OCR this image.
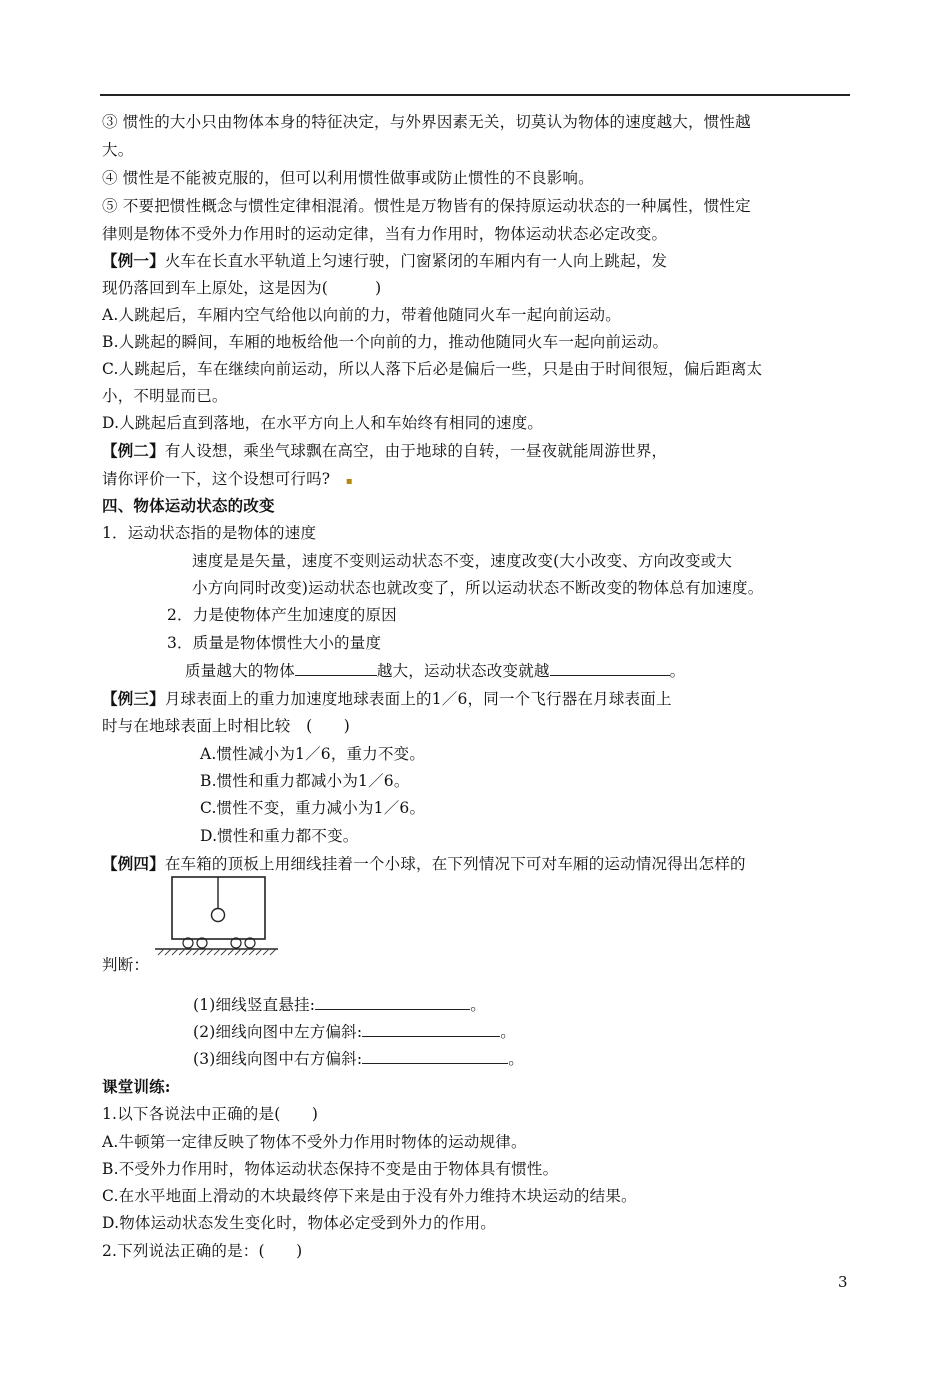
③ 惯性的大小只由物体本身的特征决定，与外界因素无关，切莫认为物体的速度越大，惯性越
大。
④ 惯性是不能被克服的，但可以利用惯性做事或防止惯性的不良影响。
⑤ 不要把惯性概念与惯性定律相混淆。惯性是万物皆有的保持原运动状态的一种属性，惯性定
律则是物体不受外力作用时的运动定律，当有力作用时，物体运动状态必定改变。
【例一】火车在长直水平轨道上匀速行驶，门窗紧闭的车厢内有一人向上跳起，发
现仍落回到车上原处，这是因为(　　　)
A.人跳起后，车厢内空气给他以向前的力，带着他随同火车一起向前运动。
B.人跳起的瞬间，车厢的地板给他一个向前的力，推动他随同火车一起向前运动。
C.人跳起后，车在继续向前运动，所以人落下后必是偏后一些，只是由于时间很短，偏后距离太
小，不明显而已。
D.人跳起后直到落地，在水平方向上人和车始终有相同的速度。
【例二】有人设想，乘坐气球飘在高空，由于地球的自转，一昼夜就能周游世界，
请你评价一下，这个设想可行吗? ▪
四、物体运动状态的改变
1．运动状态指的是物体的速度
速度是是矢量，速度不变则运动状态不变，速度改变(大小改变、方向改变或大
小方向同时改变)运动状态也就改变了，所以运动状态不断改变的物体总有加速度。
2．力是使物体产生加速度的原因
3．质量是物体惯性大小的量度
质量越大的物体	越大，运动状态改变就越	。
【例三】月球表面上的重力加速度地球表面上的1／6，同一个飞行器在月球表面上
时与在地球表面上时相比较　(　　)
A.惯性减小为1／6，重力不变。
B.惯性和重力都减小为1／6。
C.惯性不变，重力减小为1／6。
D.惯性和重力都不变。
【例四】在车箱的顶板上用细线挂着一个小球，在下列情况下可对车厢的运动情况得出怎样的
判断：
(1)细线竖直悬挂:	。
(2)细线向图中左方偏斜:	。
(3)细线向图中右方偏斜:	。
课堂训练:
1.以下各说法中正确的是(　　)
A.牛顿第一定律反映了物体不受外力作用时物体的运动规律。
B.不受外力作用时，物体运动状态保持不变是由于物体具有惯性。
C.在水平地面上滑动的木块最终停下来是由于没有外力维持木块运动的结果。
D.物体运动状态发生变化时，物体必定受到外力的作用。
2.下列说法正确的是：(　　)
3
